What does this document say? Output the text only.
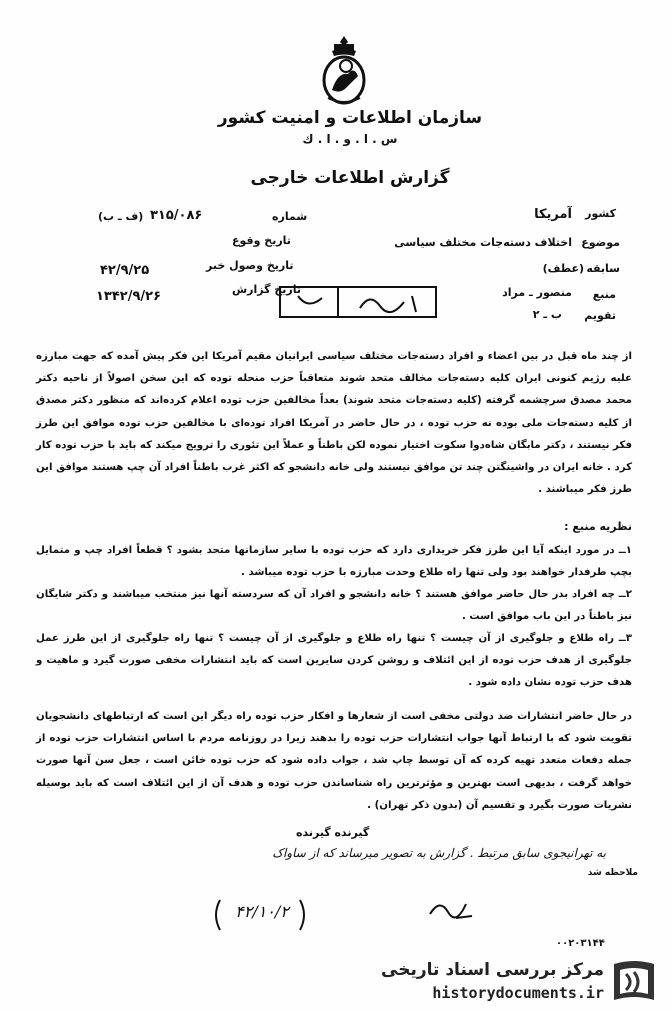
سازمان اطلاعات و امنیت کشور
س . ا . و . ا . ك
گزارش اطلاعات خارجی
کشور
آمریکا
موضوع
اختلاف دسته‌جات مختلف سیاسی
سابقه
(عطف)
منبع
منصور ـ مراد
تقویم
ب ـ ۲
شماره
۳۱۵/۰۸۶
(ف ـ ب)
تاریخ وقوع
تاریخ وصول خبر
۴۲/۹/۲۵
تاریخ گزارش
۱۳۴۲/۹/۲۶
از چند ماه قبل در بین اعضاء و افراد دسته‌جات مختلف سیاسی ایرانیان مقیم آمریکا این فکر پیش آمده که جهت مبارزه علیه رژیم کنونی ایران کلیه دسته‌جات مخالف متحد شوند متعاقباً حزب منحله توده که این سخن اصولاً از ناحیه دکتر محمد مصدق سرچشمه گرفته (کلیه دسته‌جات متحد شوند) بعداً مخالفین حزب توده اعلام کرده‌اند که منظور دکتر مصدق از کلیه دسته‌جات ملی بوده نه حزب توده ، در حال حاضر در آمریکا افراد توده‌ای با مخالفین حزب توده موافق این طرز فکر نیستند ، دکتر مابگان شاه‌دوا سکوت اختیار نموده لکن باطناً و عملاً این تئوری را ترویج میکند که باید با حزب توده کار کرد . خانه ایران در واشینگتن چند تن موافق نیستند ولی خانه دانشجو که اکثر غرب باطناً افراد آن چپ هستند موافق این طرز فکر میباشند .
نظریه منبع :
۱ــ در مورد اینکه آیا این طرز فکر خریداری دارد که حزب توده با سایر سازمانها متحد بشود ؟ قطعاً افراد چپ و متمایل بچپ طرفدار خواهند بود ولی تنها راه طلاع وحدت مبارزه با حزب توده میباشد .
۲ــ چه افراد بدر حال حاضر موافق هستند ؟ خانه دانشجو و افراد آن که سردسته آنها نیز منتخب میباشند و دکتر شایگان نیز باطناً در این باب موافق است .
۳ــ راه طلاع و جلوگیری از آن چیست ؟ تنها راه طلاع و جلوگیری از آن چیست ؟ تنها راه جلوگیری از این طرز عمل جلوگیری از هدف حزب توده از این ائتلاف و روشن کردن سایرین است که باید انتشارات مخفی صورت گیرد و ماهیت و هدف حزب توده نشان داده شود .
در حال حاضر انتشارات ضد دولتی مخفی است از شعارها و افکار حزب توده راه دیگر این است که ارتباطهای دانشجویان تقویت شود که با ارتباط آنها جواب انتشارات حزب توده را بدهند زیرا در روزنامه مردم با اساس انتشارات حزب توده از جمله دفعات متعدد تهیه کرده که آن توسط چاپ شد ، جواب داده شود که حزب توده خائن است ، جعل سن آنها صورت خواهد گرفت ، بدیهی است بهترین و مؤثرترین راه شناساندن حزب توده و هدف آن از این ائتلاف است که باید بوسیله نشریات صورت بگیرد و تقسیم آن (بدون ذکر تهران) .
گیرنده گیرنده
به تهرانیجوی سابق مرتبط . گزارش به تصویر میرساند که از ساواک
ملاحظه شد
۴۲/۱۰/۲
۰۰۲۰۳۱۴۴
مرکز بررسی اسناد تاریخی
historydocuments.ir
